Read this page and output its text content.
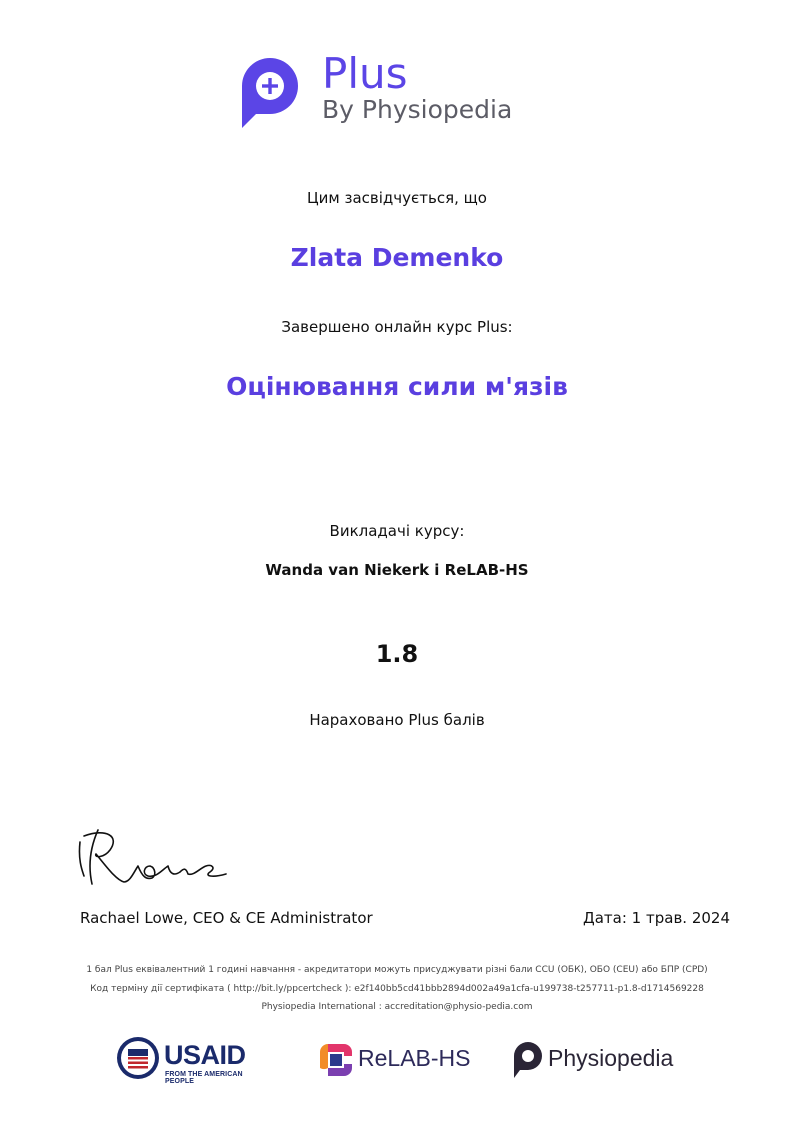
Plus
By Physiopedia
Цим засвідчується, що
Zlata Demenko
Завершено онлайн курс Plus:
Оцінювання сили м'язів
Викладачі курсу:
Wanda van Niekerk і ReLAB-HS
1.8
Нараховано Plus балів
Rachael Lowe, CEO & CE Administrator	Дата: 1 трав. 2024
1 бал Plus еквівалентний 1 годині навчання - акредитатори можуть присуджувати різні бали CCU (ОБК), ОБО (CEU) або БПР (CPD)
Код терміну дії сертифіката ( http://bit.ly/ppcertcheck ): e2f140bb5cd41bbb2894d002a49a1cfa-u199738-t257711-p1.8-d1714569228
Physiopedia International : accreditation@physio-pedia.com
USAID
FROM THE AMERICAN PEOPLE
ReLAB-HS	Physiopedia
